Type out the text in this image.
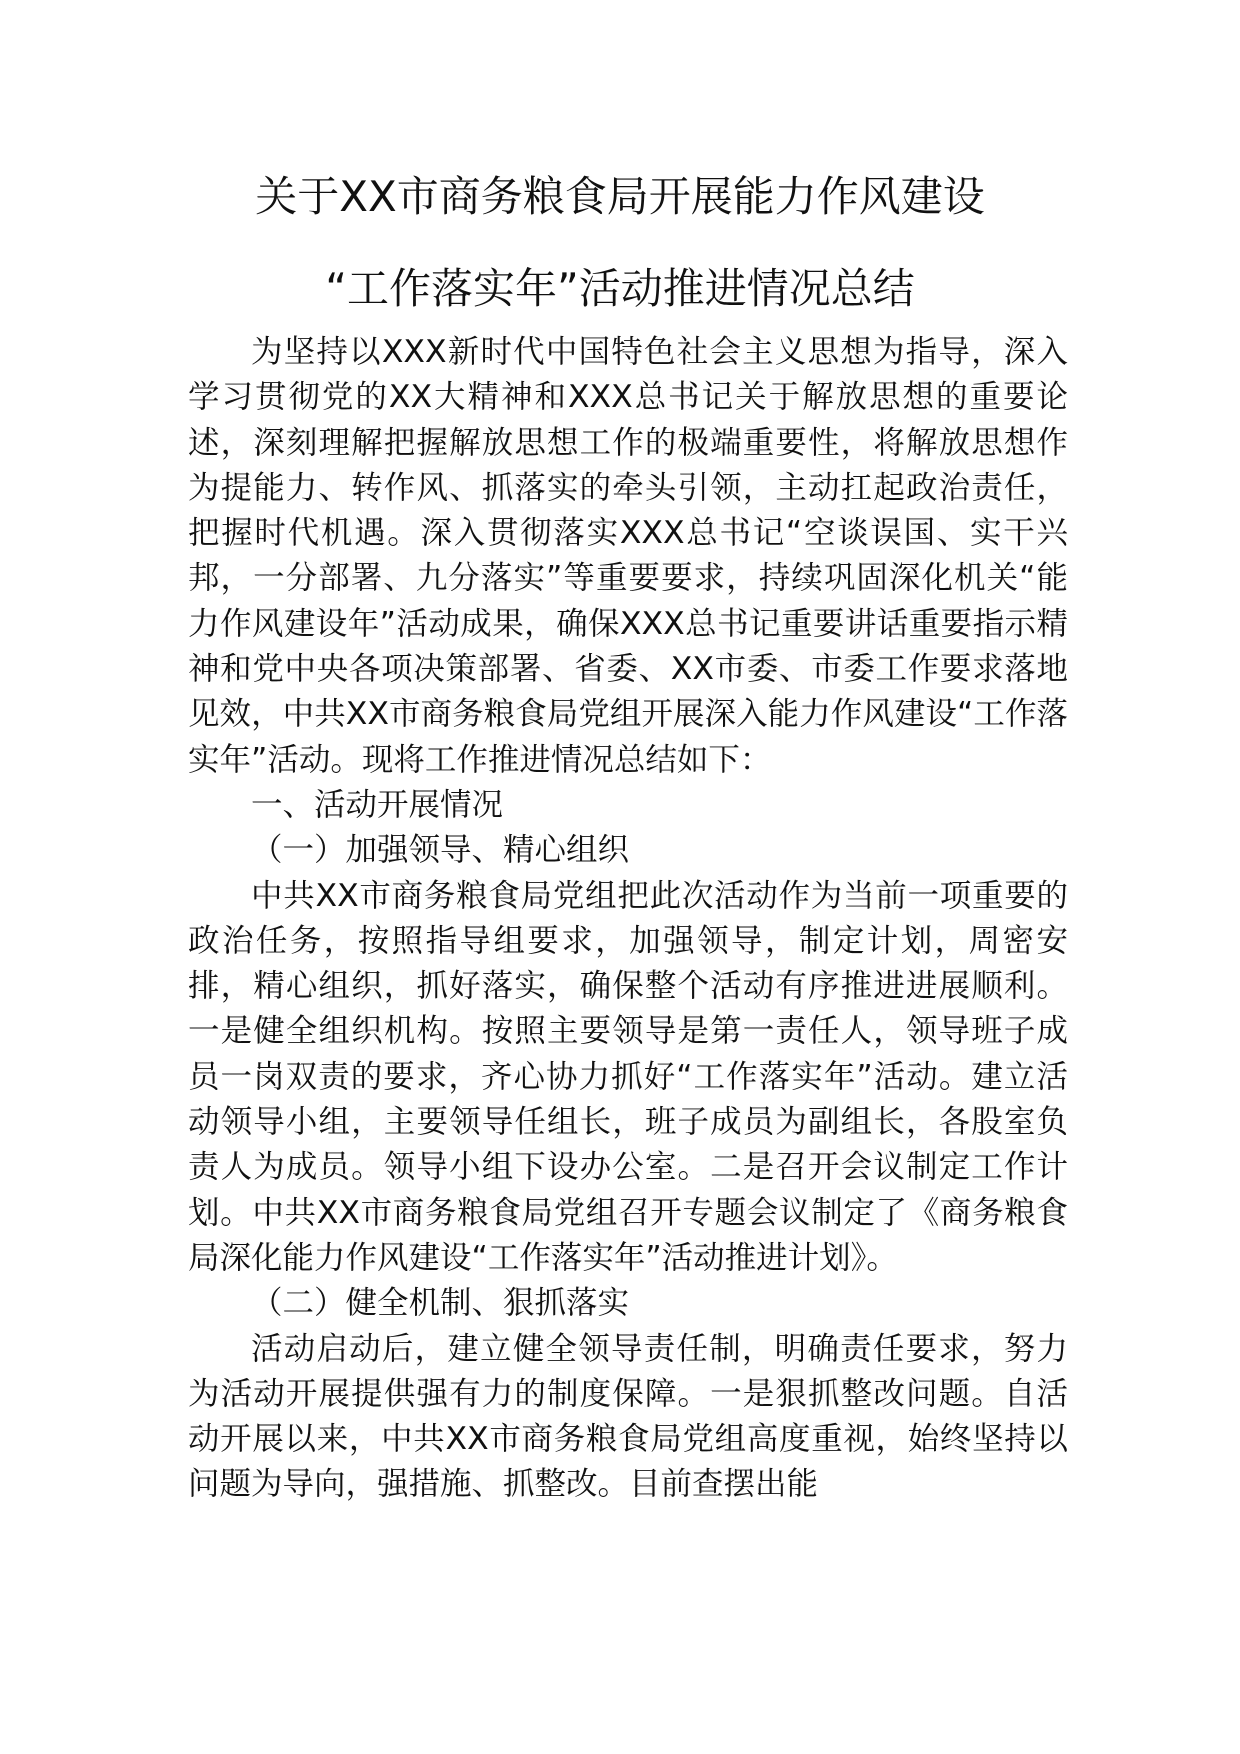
关于XX市商务粮食局开展能力作风建设
“工作落实年”活动推进情况总结

为坚持以XXX新时代中国特色社会主义思想为指导，深入学习贯彻党的XX大精神和XXX总书记关于解放思想的重要论述，深刻理解把握解放思想工作的极端重要性，将解放思想作为提能力、转作风、抓落实的牵头引领，主动扛起政治责任，把握时代机遇。深入贯彻落实XXX总书记“空谈误国、实干兴邦，一分部署、九分落实”等重要要求，持续巩固深化机关“能力作风建设年”活动成果，确保XXX总书记重要讲话重要指示精神和党中央各项决策部署、省委、XX市委、市委工作要求落地见效，中共XX市商务粮食局党组开展深入能力作风建设“工作落实年”活动。现将工作推进情况总结如下：

一、活动开展情况

（一）加强领导、精心组织

中共XX市商务粮食局党组把此次活动作为当前一项重要的政治任务，按照指导组要求，加强领导，制定计划，周密安排，精心组织，抓好落实，确保整个活动有序推进进展顺利。一是健全组织机构。按照主要领导是第一责任人，领导班子成员一岗双责的要求，齐心协力抓好“工作落实年”活动。建立活动领导小组，主要领导任组长，班子成员为副组长，各股室负责人为成员。领导小组下设办公室。二是召开会议制定工作计划。中共XX市商务粮食局党组召开专题会议制定了《商务粮食局深化能力作风建设“工作落实年”活动推进计划》。

（二）健全机制、狠抓落实

活动启动后，建立健全领导责任制，明确责任要求，努力为活动开展提供强有力的制度保障。一是狠抓整改问题。自活动开展以来，中共XX市商务粮食局党组高度重视，始终坚持以问题为导向，强措施、抓整改。目前查摆出能
